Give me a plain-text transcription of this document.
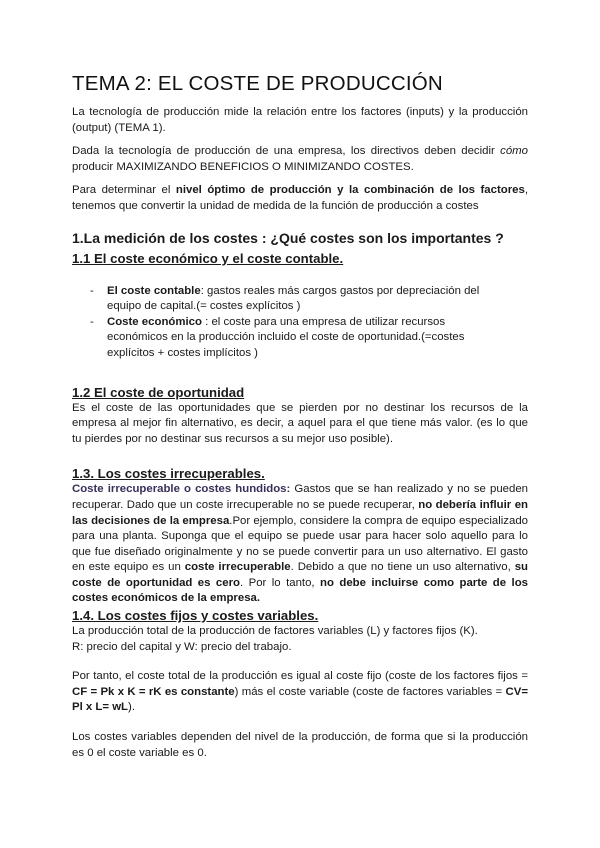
TEMA 2: EL COSTE DE PRODUCCIÓN

La tecnología de producción mide la relación entre los factores (inputs) y la producción (output) (TEMA 1).

Dada la tecnología de producción de una empresa, los directivos deben decidir cómo producir MAXIMIZANDO BENEFICIOS O MINIMIZANDO COSTES.

Para determinar el nivel óptimo de producción y la combinación de los factores, tenemos que convertir la unidad de medida de la función de producción a costes

1.La medición de los costes : ¿Qué costes son los importantes ?
1.1 El coste económico y el coste contable.
- El coste contable: gastos reales más cargos gastos por depreciación del equipo de capital.(= costes explícitos )
- Coste económico : el coste para una empresa de utilizar recursos económicos en la producción incluido el coste de oportunidad.(=costes explícitos + costes implícitos )
1.2 El coste de oportunidad

Es el coste de las oportunidades que se pierden por no destinar los recursos de la empresa al mejor fin alternativo, es decir, a aquel para el que tiene más valor. (es lo que tu pierdes por no destinar sus recursos a su mejor uso posible).

1.3. Los costes irrecuperables.

Coste irrecuperable o costes hundidos: Gastos que se han realizado y no se pueden recuperar. Dado que un coste irrecuperable no se puede recuperar, no debería influir en las decisiones de la empresa.Por ejemplo, considere la compra de equipo especializado para una planta. Suponga que el equipo se puede usar para hacer solo aquello para lo que fue diseñado originalmente y no se puede convertir para un uso alternativo. El gasto en este equipo es un coste irrecuperable. Debido a que no tiene un uso alternativo, su coste de oportunidad es cero. Por lo tanto, no debe incluirse como parte de los costes económicos de la empresa.

1.4. Los costes fijos y costes variables.

La producción total de la producción de factores variables (L) y factores fijos (K).

R: precio del capital y W: precio del trabajo.

Por tanto, el coste total de la producción es igual al coste fijo (coste de los factores fijos = CF = Pk x K = rK es constante) más el coste variable (coste de factores variables = CV= Pl x L= wL).

Los costes variables dependen del nivel de la producción, de forma que si la producción es 0 el coste variable es 0.
